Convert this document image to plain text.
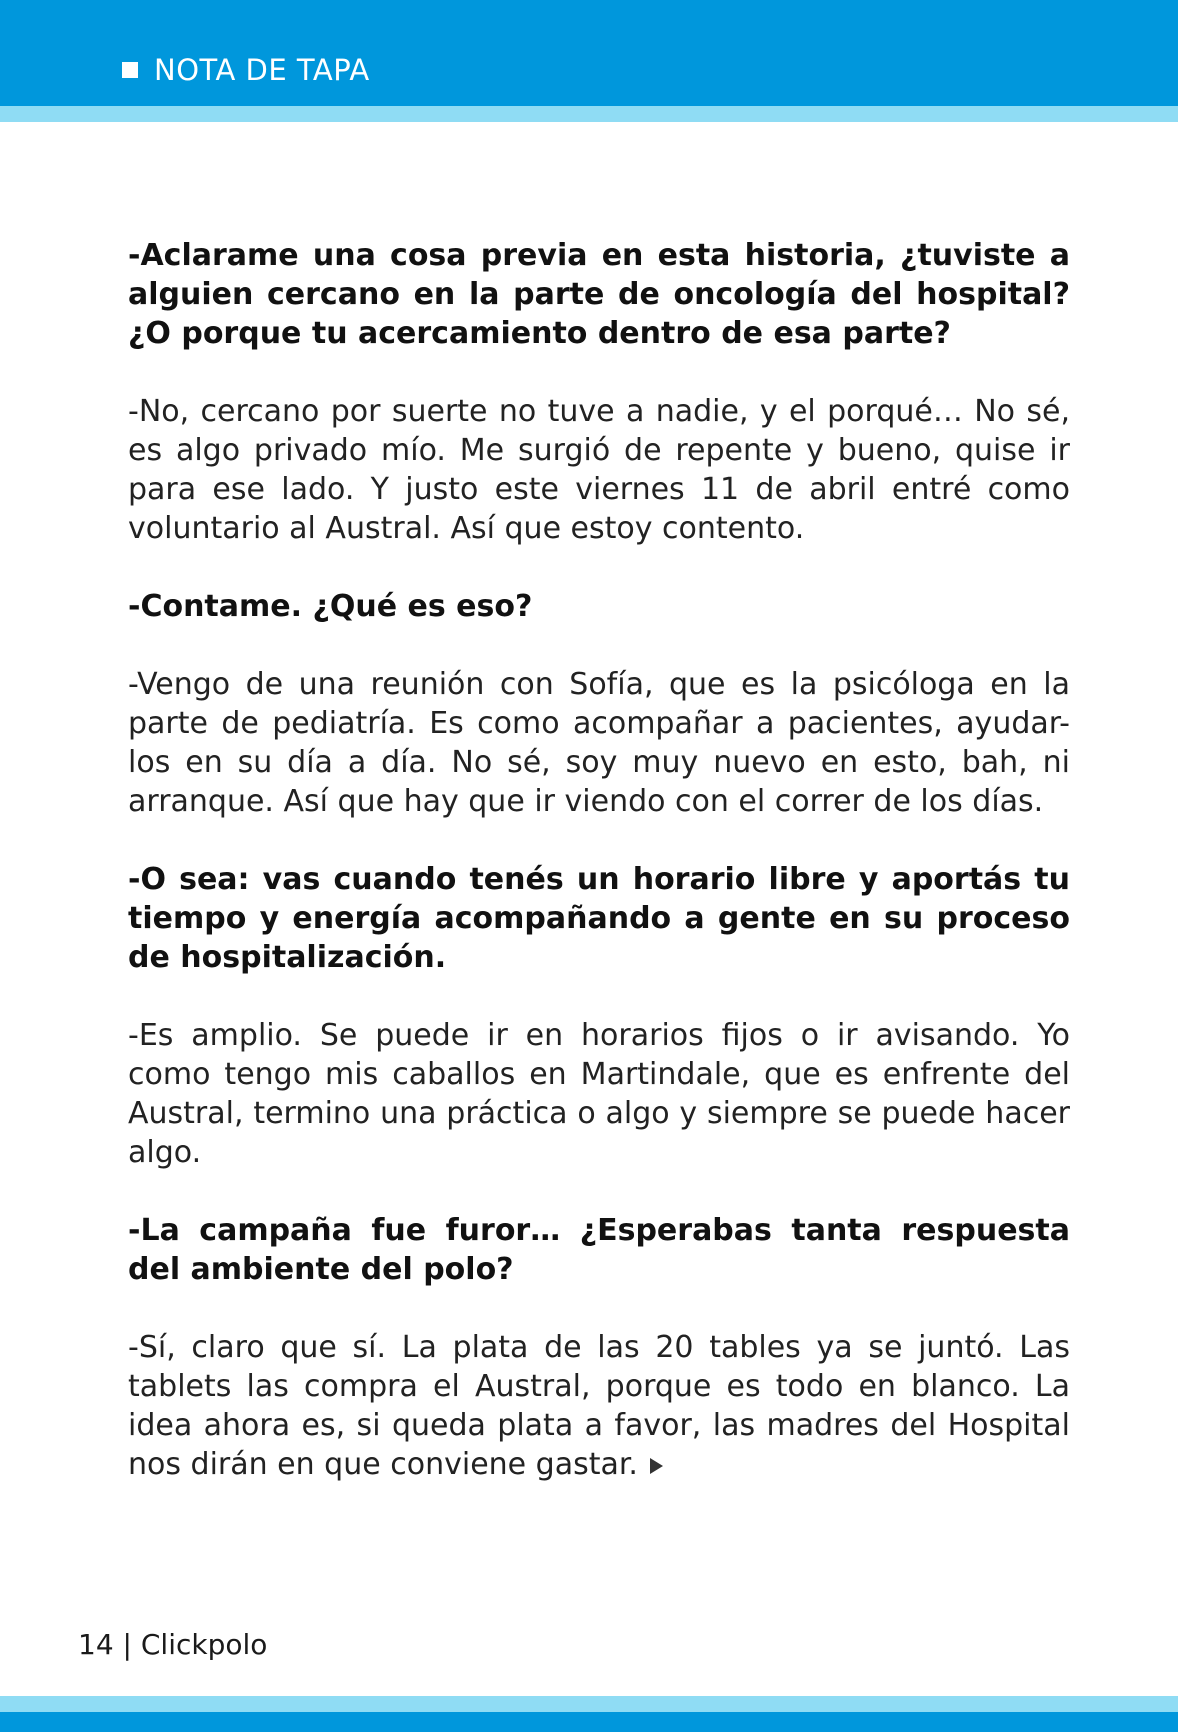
NOTA DE TAPA

-Aclarame una cosa previa en esta historia, ¿tuviste a alguien cercano en la parte de oncología del hospital? ¿O porque tu acercamiento dentro de esa parte?

-No, cercano por suerte no tuve a nadie, y el porqué… No sé, es algo privado mío. Me surgió de repente y bueno, quise ir para ese lado. Y justo este viernes 11 de abril entré como voluntario al Austral. Así que estoy contento.

-Contame. ¿Qué es eso?

-Vengo de una reunión con Sofía, que es la psicóloga en la parte de pediatría. Es como acompañar a pacientes, ayudar-los en su día a día. No sé, soy muy nuevo en esto, bah, ni arranque. Así que hay que ir viendo con el correr de los días.

-O sea: vas cuando tenés un horario libre y aportás tu tiempo y energía acompañando a gente en su proceso de hospitalización.

-Es amplio. Se puede ir en horarios fijos o ir avisando. Yo como tengo mis caballos en Martindale, que es enfrente del Austral, termino una práctica o algo y siempre se puede hacer algo.

-La campaña fue furor… ¿Esperabas tanta respuesta del ambiente del polo?

-Sí, claro que sí. La plata de las 20 tables ya se juntó. Las tablets las compra el Austral, porque es todo en blanco. La idea ahora es, si queda plata a favor, las madres del Hospital nos dirán en que conviene gastar.

14 | Clickpolo
